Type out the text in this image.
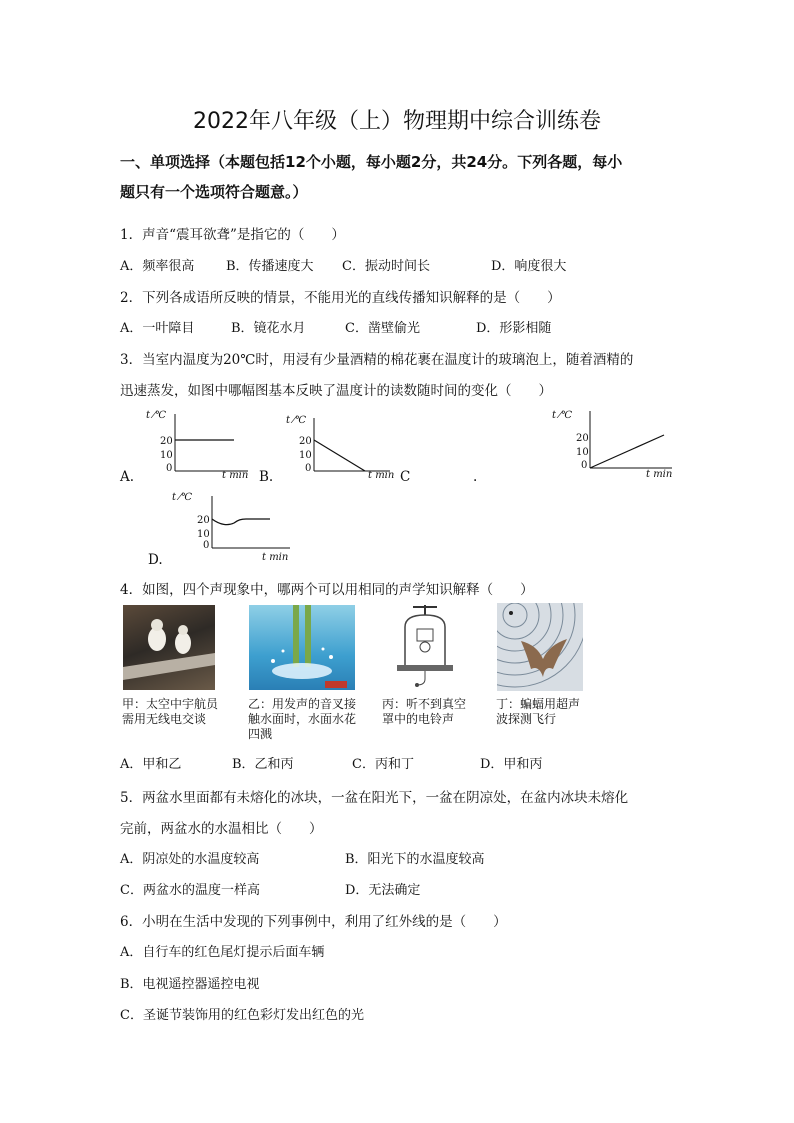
2022年八年级（上）物理期中综合训练卷
一、单项选择（本题包括12个小题，每小题2分，共24分。下列各题，每小
题只有一个选项符合题意。）
1．声音“震耳欲聋”是指它的（　　）
A．频率很高 B．传播速度大 C．振动时间长	D．响度很大
2．下列各成语所反映的情景，不能用光的直线传播知识解释的是（　　）
A．一叶障目	B．镜花水月	C．凿壁偷光	D．形影相随
3．当室内温度为20℃时，用浸有少量酒精的棉花裹在温度计的玻璃泡上，随着酒精的
迅速蒸发，如图中哪幅图基本反映了温度计的读数随时间的变化（　　）
t ⁄℃
20
10
0
A.	t min
t ⁄℃
20
10
0
B.	t min C	.
t ⁄℃
20
10
0
t min
t ⁄℃
20
10
0
D.	t min
4．如图，四个声现象中，哪两个可以用相同的声学知识解释（　　）
甲：太空中宇航员
需用无线电交谈
乙：用发声的音叉接
触水面时，水面水花
四溅
丙：听不到真空
罩中的电铃声
丁：蝙蝠用超声
波探测飞行
A．甲和乙	B．乙和丙	C．丙和丁	D．甲和丙
5．两盆水里面都有未熔化的冰块，一盆在阳光下，一盆在阴凉处，在盆内冰块未熔化
完前，两盆水的水温相比（　　）
A．阴凉处的水温度较高	B．阳光下的水温度较高
C．两盆水的温度一样高	D．无法确定
6．小明在生活中发现的下列事例中，利用了红外线的是（　　）
A．自行车的红色尾灯提示后面车辆
B．电视遥控器遥控电视
C．圣诞节装饰用的红色彩灯发出红色的光
